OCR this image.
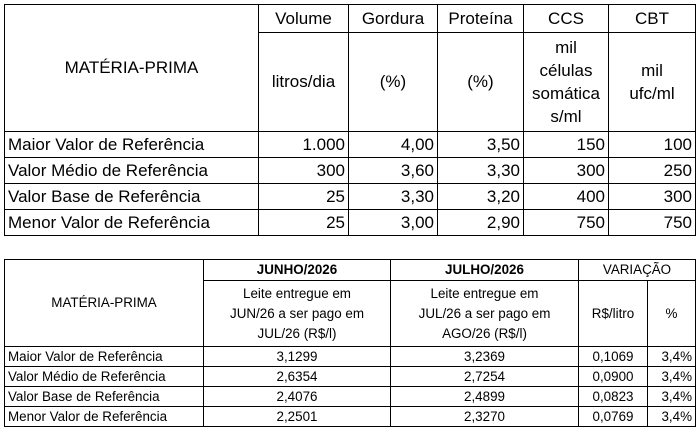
MATÉRIA-PRIMA	Volume	Gordura	Proteína	CCS	CBT
	litros/dia	(%)	(%)	mil
células
somática
s/ml	mil
ufc/ml
Maior Valor de Referência	1.000	4,00	3,50	150	100
Valor Médio de Referência	300	3,60	3,30	300	250
Valor Base de Referência	25	3,30	3,20	400	300
Menor Valor de Referência	25	3,00	2,90	750	750
MATÉRIA-PRIMA	JUNHO/2026	JULHO/2026	VARIAÇÃO	
	Leite entregue em
JUN/26 a ser pago em
JUL/26 (R$/l)	Leite entregue em
JUL/26 a ser pago em
AGO/26 (R$/l)	R$/litro	%
Maior Valor de Referência	3,1299	3,2369	0,1069	3,4%
Valor Médio de Referência	2,6354	2,7254	0,0900	3,4%
Valor Base de Referência	2,4076	2,4899	0,0823	3,4%
Menor Valor de Referência	2,2501	2,3270	0,0769	3,4%
